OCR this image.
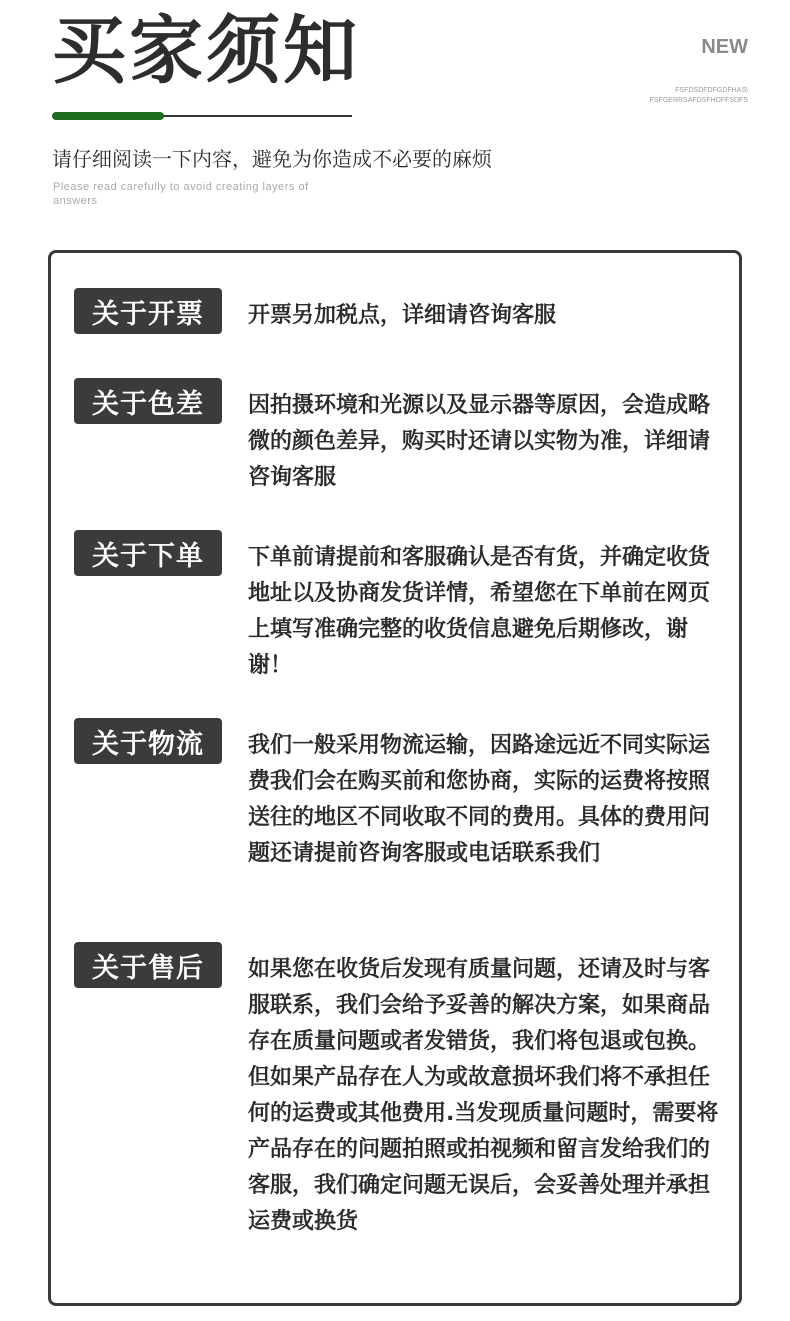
买家须知	NEW
FSFDSDFDFGDFHAS\
FSFGERRSAFDSFHDFFSDFS
请仔细阅读一下内容，避免为你造成不必要的麻烦
Please read carefully to avoid creating layers of answers
关于开票	开票另加税点，详细请咨询客服
关于色差	因拍摄环境和光源以及显示器等原因，会造成略微的颜色差异，购买时还请以实物为准，详细请咨询客服
关于下单	下单前请提前和客服确认是否有货，并确定收货地址以及协商发货详情，希望您在下单前在网页上填写准确完整的收货信息避免后期修改，谢谢！
关于物流	我们一般采用物流运输，因路途远近不同实际运费我们会在购买前和您协商，实际的运费将按照送往的地区不同收取不同的费用。具体的费用问题还请提前咨询客服或电话联系我们
关于售后	如果您在收货后发现有质量问题，还请及时与客服联系，我们会给予妥善的解决方案，如果商品存在质量问题或者发错货，我们将包退或包换。但如果产品存在人为或故意损坏我们将不承担任何的运费或其他费用.当发现质量问题时，需要将产品存在的问题拍照或拍视频和留言发给我们的客服，我们确定问题无误后，会妥善处理并承担运费或换货
